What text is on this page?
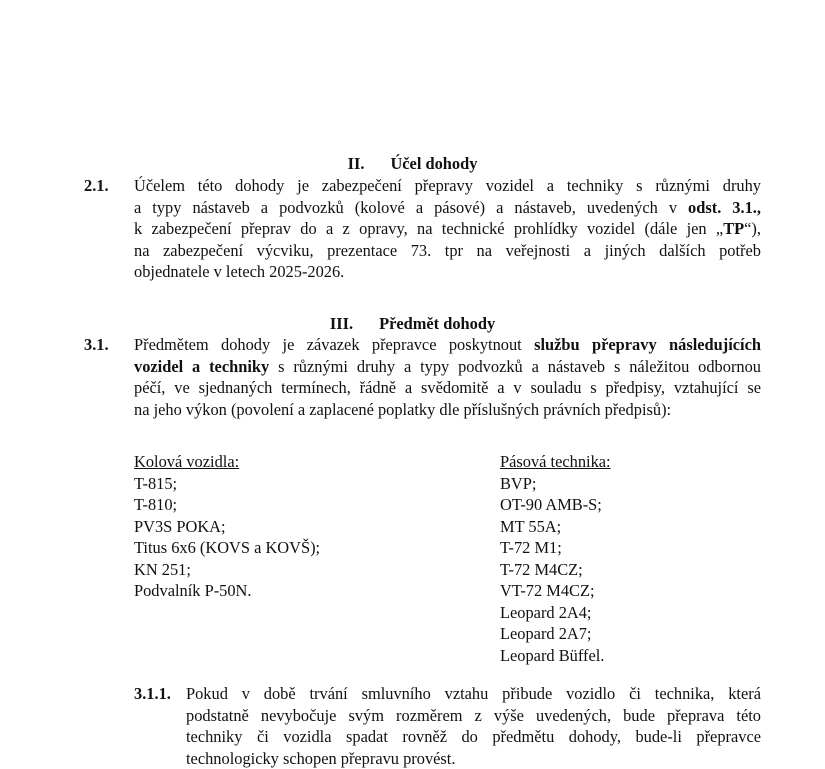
II. Účel dohody
2.1. Účelem této dohody je zabezpečení přepravy vozidel a techniky s různými druhy
a typy nástaveb a podvozků (kolové a pásové) a nástaveb, uvedených v odst. 3.1.,
k zabezpečení přeprav do a z opravy, na technické prohlídky vozidel (dále jen „TP“),
na zabezpečení výcviku, prezentace 73. tpr na veřejnosti a jiných dalších potřeb
objednatele v letech 2025-2026.
III. Předmět dohody
3.1. Předmětem dohody je závazek přepravce poskytnout službu přepravy následujících
vozidel a techniky s různými druhy a typy podvozků a nástaveb s náležitou odbornou
péčí, ve sjednaných termínech, řádně a svědomitě a v souladu s předpisy, vztahující se
na jeho výkon (povolení a zaplacené poplatky dle příslušných právních předpisů):
Kolová vozidla:
T-815;
T-810;
PV3S POKA;
Titus 6x6 (KOVS a KOVŠ);
KN 251;
Podvalník P-50N.
Pásová technika:
BVP;
OT-90 AMB-S;
MT 55A;
T-72 M1;
T-72 M4CZ;
VT-72 M4CZ;
Leopard 2A4;
Leopard 2A7;
Leopard Büffel.
3.1.1. Pokud v době trvání smluvního vztahu přibude vozidlo či technika, která
podstatně nevybočuje svým rozměrem z výše uvedených, bude přeprava této
techniky či vozidla spadat rovněž do předmětu dohody, bude-li přepravce
technologicky schopen přepravu provést.
